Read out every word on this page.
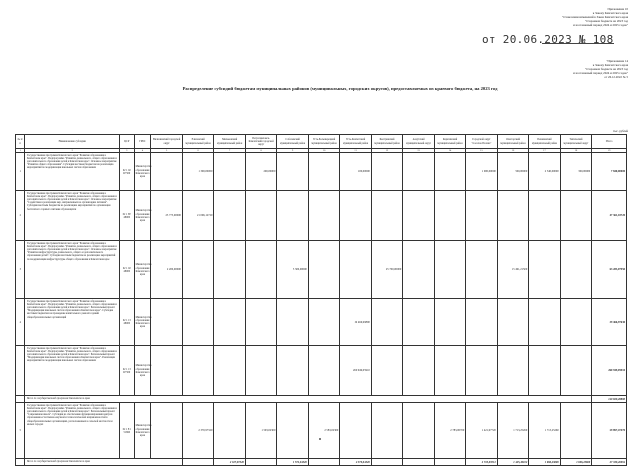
Приложение 10
к Закону Камчатского края
"О внесении изменений в Закон Камчатского края
"О краевом бюджете на 2023 год
и на плановый период 2024 и 2025 годов"
от 20.06.2023 № 108
"Приложение 14
к Закону Камчатского края
"О краевом бюджете на 2023 год
и на плановый период 2024 и 2025 годов"
от 26.12.2022 № 5
Распределение субсидий бюджетам муниципальных районов (муниципальных, городских округов), предоставляемых из краевого бюджета, на 2023 год
тыс. рублей
№ п/п	Наименование субсидии	ЦСР	ГРБС	Вилючинский городской округ	Елизовский муниципальный район	Мильковский муниципальный район	Петропавловск-Камчатский городской округ	Соболевский муниципальный район	Усть-Большерецкий муниципальный район	Усть-Камчатский муниципальный район	Быстринский муниципальный район	Алеутский муниципальный округ	Карагинский муниципальный район	Городской округ "поселок Палана"	Олюторский муниципальный район	Пенжинский муниципальный район	Тигильский муниципальный округ	Итого
1	2	3	4	5	6	7	8	9	10	11	12	13	14	15	16	17	18	19
1	Государственная программа Камчатского края "Развитие образования в Камчатском крае". Подпрограмма "Развитие дошкольного, общего образования и дополнительного образования детей в Камчатском крае". Основное мероприятие "Развитие общего образования". Субсидия местным бюджетам на реализацию мероприятий по модернизации школьных систем образования	02 1 02 R7500	Министерство образования Камчатского края		1 300,00000		200,00000			100,00000				1 000,00000	500,00000	2 540,00000	300,00000	7 840,00000
2	Государственная программа Камчатского края "Развитие образования в Камчатском крае". Подпрограмма "Развитие дошкольного, общего образования и дополнительного образования детей в Камчатском крае". Основное мероприятие "Содействие в реализации мер, направленных на организацию питания". Субсидия местным бюджетам на реализацию мероприятий по организации бесплатного горячего питания обучающихся	02 1 3E 48000	Министерство образования Камчатского края	25 775,00000	21 006,12720													47 361,18720
3	Государственная программа Камчатского края "Развитие образования в Камчатском крае". Подпрограмма "Развитие дошкольного, общего образования и дополнительного образования детей в Камчатском крае". Основное мероприятие "Развитие инфраструктуры дошкольного, общего и дополнительного образования детей". Субсидия местным бюджетам на реализацию мероприятий по модернизации инфраструктуры общего образования в Камчатском крае	02 1 02 48000	Министерство образования Камчатского края	2 200,00000				5 300,00000			25 700,00000				15 491,21500			63 283,07950
4	Государственная программа Камчатского края "Развитие образования в Камчатском крае". Подпрограмма "Развитие дошкольного, общего образования и дополнительного образования детей в Камчатском крае". Региональный проект "Модернизация школьных систем образования в Камчатском крае". Субсидия местным бюджетам на проведение капитального ремонта зданий общеобразовательных организаций	02 1 13 48000	Министерство образования Камчатского края							19 466,99800								39 466,97630
	Государственная программа Камчатского края "Развитие образования в Камчатском крае". Подпрограмма "Развитие дошкольного, общего образования и дополнительного образования детей в Камчатском крае". Региональный проект "Модернизация школьных систем образования в Камчатском крае". Реализация мероприятий по модернизации школьных систем образования	02 1 13 R7500	Министерство образования Камчатского края							260 949,05910								260 949,05910
	Всего по государственной программе Камчатского края																	149 829,28880
5	Государственная программа Камчатского края "Развитие образования в Камчатском крае". Подпрограмма "Развитие дошкольного, общего образования и дополнительного образования детей в Камчатском крае". Региональный проект "Современная школа". Субсидия на обеспечение функционирования центров образования естественно-научной и технологической направленностей в общеобразовательных организациях, расположенных в сельской местности и малых городах	02 1 Е1 51690	Министерство образования Камчатского края		2 370,97320		1 593,02300		2 583,02300				2 783,00700	1 421,97720	1 713,25260	1 713,25260		29 897,47470
	Всего по государственной программе Камчатского края					2 327,97320		1 572,94320		2 370,04320				2 710,03512	1 425,49012	1 696,23600	1 696,23600	27 339,40094
